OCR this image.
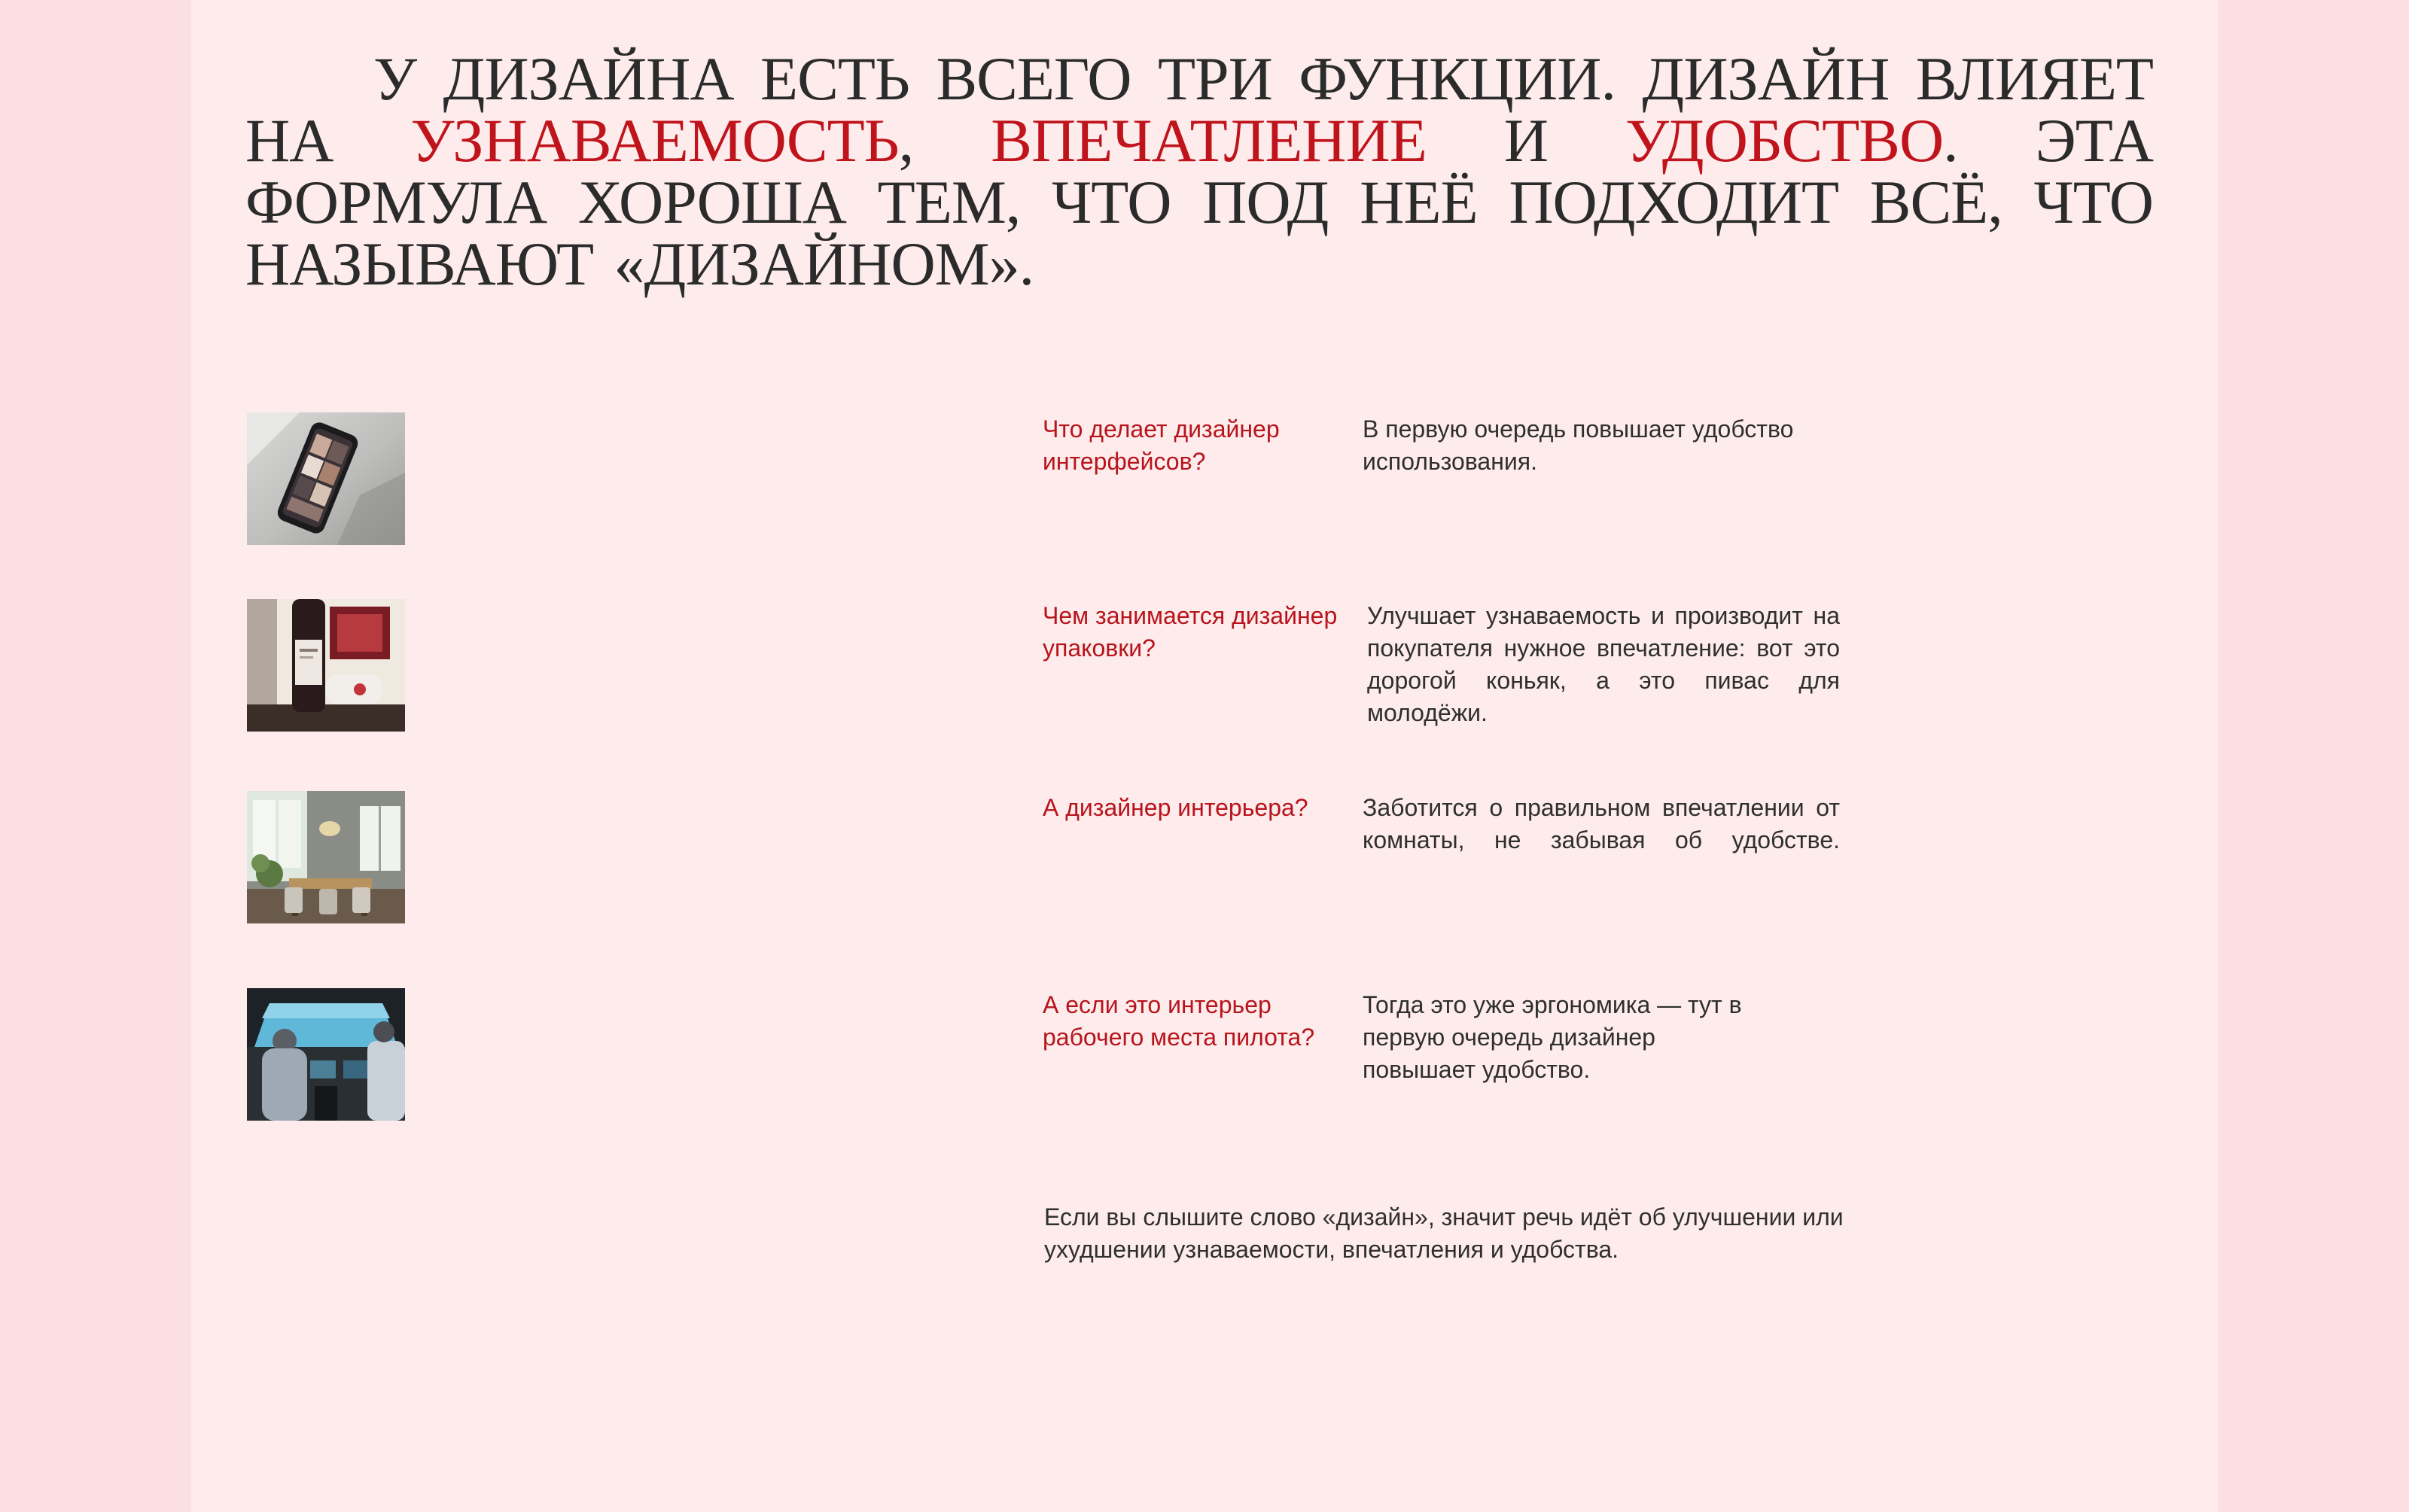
У ДИЗАЙНА ЕСТЬ ВСЕГО ТРИ ФУНКЦИИ. ДИЗАЙН ВЛИЯЕТ НА УЗНАВАЕМОСТЬ, ВПЕЧАТЛЕНИЕ И УДОБСТВО. ЭТА ФОРМУЛА ХОРОША ТЕМ, ЧТО ПОД НЕЁ ПОДХОДИТ ВСЁ, ЧТО НАЗЫВАЮТ «ДИЗАЙНОМ».

Что делает дизайнер интерфейсов?

В первую очередь повышает удобство использования.

Чем занимается дизайнер упаковки?

Улучшает узнаваемость и производит на покупателя нужное впечатление: вот это дорогой коньяк, а это пивас для молодёжи.

А дизайнер интерьера?	Заботится о правильном впечатлении от комнаты, не забывая об удобстве.

А если это интерьер рабочего места пилота?

Тогда это уже эргономика — тут в первую очередь дизайнер повышает удобство.

Если вы слышите слово «дизайн», значит речь идёт об улучшении или ухудшении узнаваемости, впечатления и удобства.
